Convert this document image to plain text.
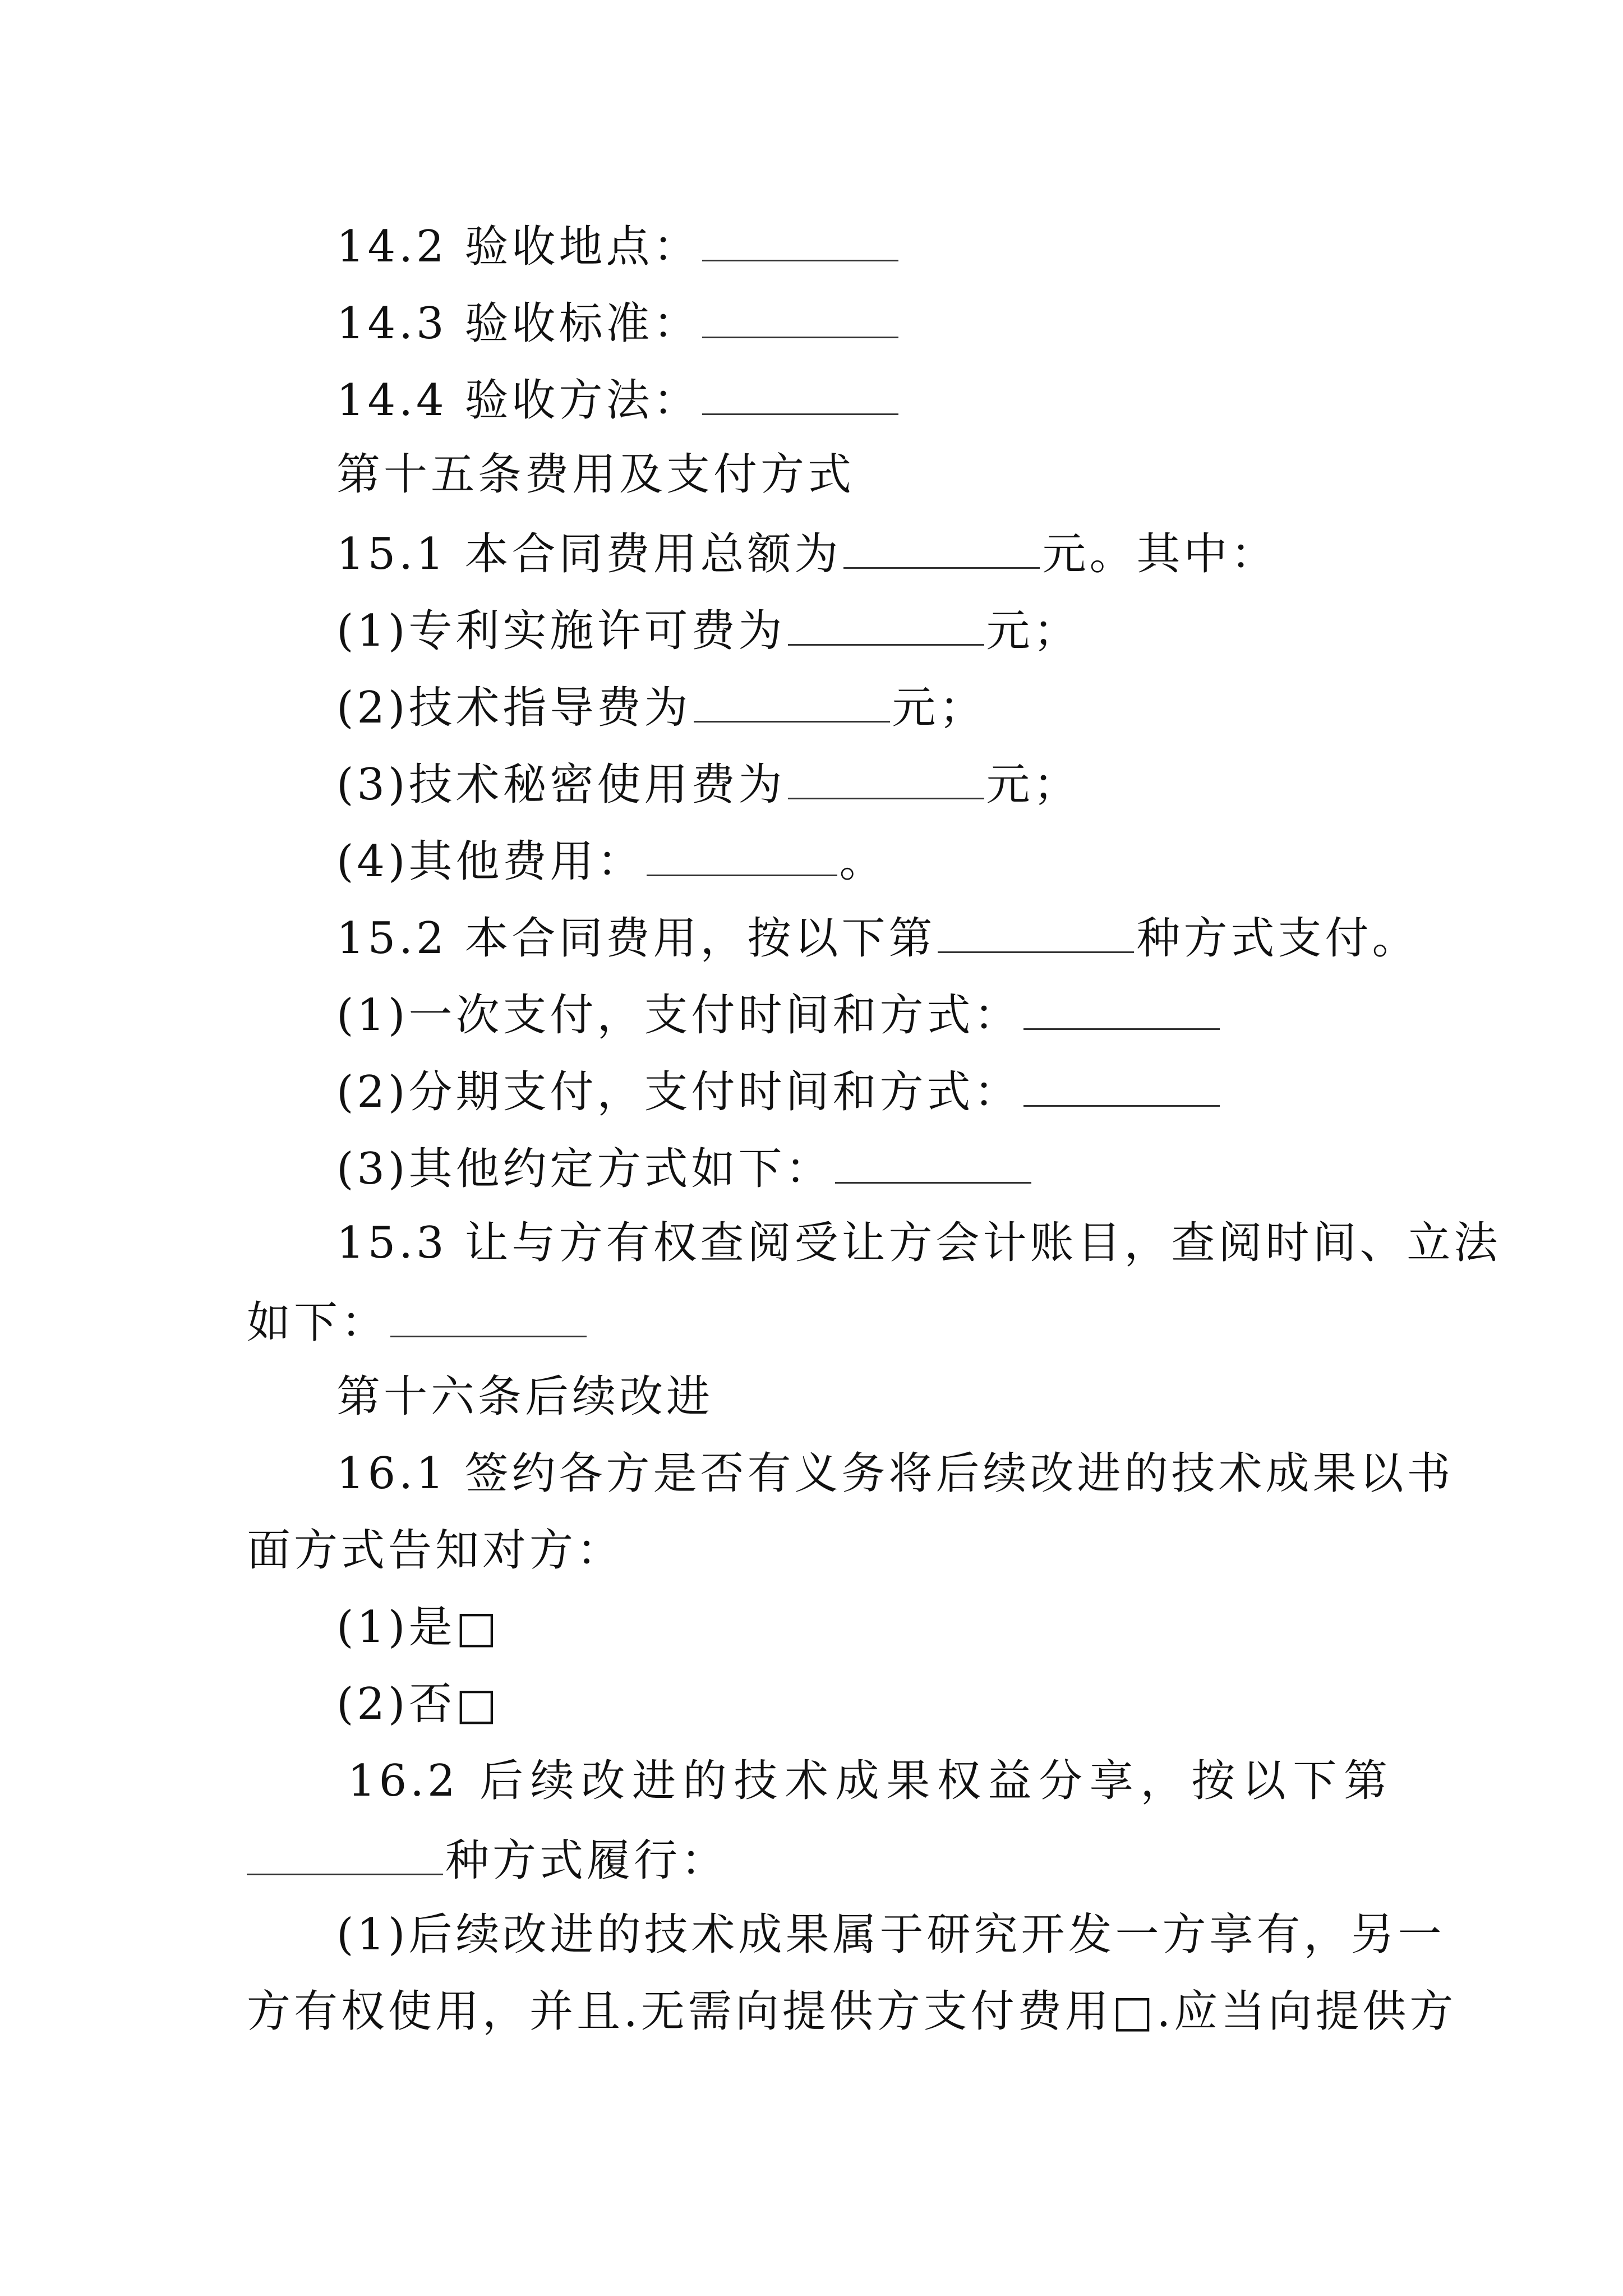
14.2 验收地点：
14.3 验收标准：
14.4 验收方法：
第十五条费用及支付方式
15.1 本合同费用总额为	元。其中：
(1)专利实施许可费为	元；
(2)技术指导费为	元；
(3)技术秘密使用费为	元；
(4)其他费用：	。
15.2 本合同费用，按以下第	种方式支付。
(1)一次支付，支付时间和方式：
(2)分期支付，支付时间和方式：
(3)其他约定方式如下：
15.3 让与方有权查阅受让方会计账目，查阅时间、立法
如下：
第十六条后续改进
16.1 签约各方是否有义务将后续改进的技术成果以书
面方式告知对方：
(1)是□
(2)否□
16.2 后续改进的技术成果权益分享，按以下第
种方式履行：
(1)后续改进的技术成果属于研究开发一方享有，另一
方有权使用，并且.无需向提供方支付费用□.应当向提供方
